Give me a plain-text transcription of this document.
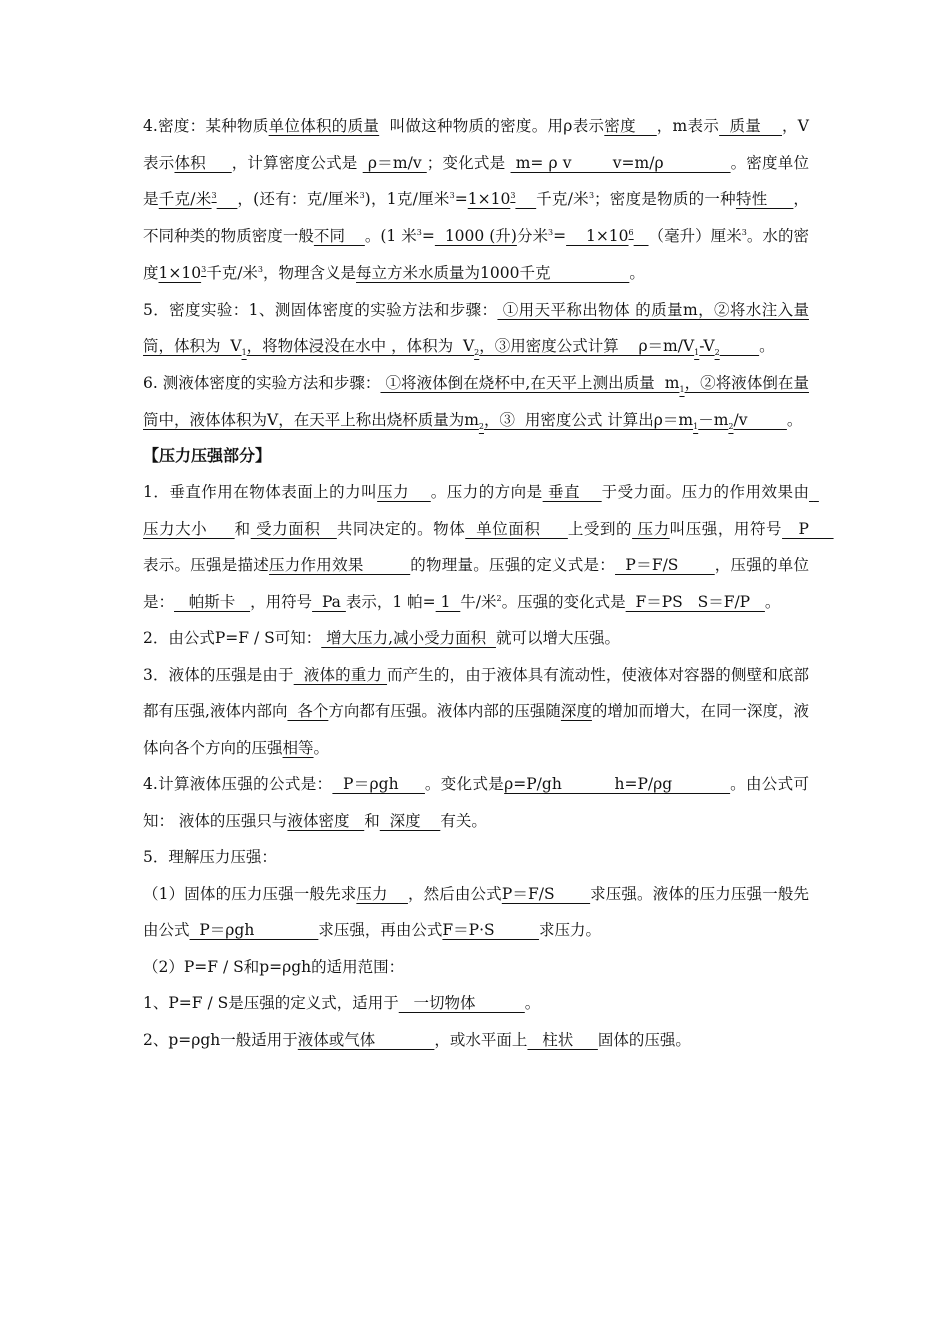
4.密度：某种物质单位体积的质量  叫做这种物质的密度。用ρ表示密度    ，m表示  质量    ，V 表示体积     ，计算密度公式是  ρ＝m/v ；变化式是  m= ρ v        v=m/ρ             。密度单位是千克/米$^3$ ，(还有：克/厘米$^3$)，1克/厘米$^3=1\times 10^3$ 千克/米$^3$；密度是物质的一种特性     ，不同种类的物质密度一般不同    。(1 米$^3$=  1000 (升)分米$^3$=    $1\times 10^6$ （毫升）厘米$^3$。水的密度$1\times 10^3$千克/米$^3$，物理含义是每立方米水质量为1000千克                。

5．密度实验：1、测固体密度的实验方法和步骤： ①用天平称出物体 的质量m，②将水注入量筒，体积为  $V_1$，将物体浸没在水中 ，体积为  $V_2$，③用密度公式计算    $\rho=m/V_1-V_2$	。

6. 测液体密度的实验方法和步骤： ①将液体倒在烧杯中,在天平上测出质量  $m_1$，②将液体倒在量筒中，液体体积为V，在天平上称出烧杯质量为$m_2$，③  用密度公式 计算出$\rho=m_1-m_2/v$        。

【压力压强部分】

1．垂直作用在物体表面上的力叫压力    。压力的方向是 垂直    于受力面。压力的作用效果由  压力大小     和 受力面积   共同决定的。物体  单位面积     上受到的 压力叫压强，用符号   P     表示。压强是描述压力作用效果         的物理量。压强的定义式是：  P＝F/S       ，压强的单位是：   帕斯卡   ，用符号  Pa 表示，1 帕= 1  牛/米$^2$。压强的变化式是  F＝PS   S＝F/P   。

2．由公式P=F / S可知： 增大压力,减小受力面积  就可以增大压强。

3．液体的压强是由于  液体的重力 而产生的，由于液体具有流动性，使液体对容器的侧壁和底部都有压强,液体内部向  各个方向都有压强。液体内部的压强随深度的增加而增大，在同一深度，液体向各个方向的压强相等。

4.计算液体压强的公式是：  P＝ρgh     。变化式是ρ=P/gh          h=P/ρg           。由公式可知： 液体的压强只与液体密度   和  深度    有关。

5．理解压力压强：

（1）固体的压力压强一般先求压力    ，然后由公式P＝F/S       求压强。液体的压力压强一般先由公式  P＝ρgh             求压强，再由公式F＝P·S         求压力。

（2）P=F / S和p=ρgh的适用范围：

1、P=F / S是压强的定义式，适用于   一切物体          。

2、p=ρgh一般适用于液体或气体            ，或水平面上   柱状     固体的压强。
